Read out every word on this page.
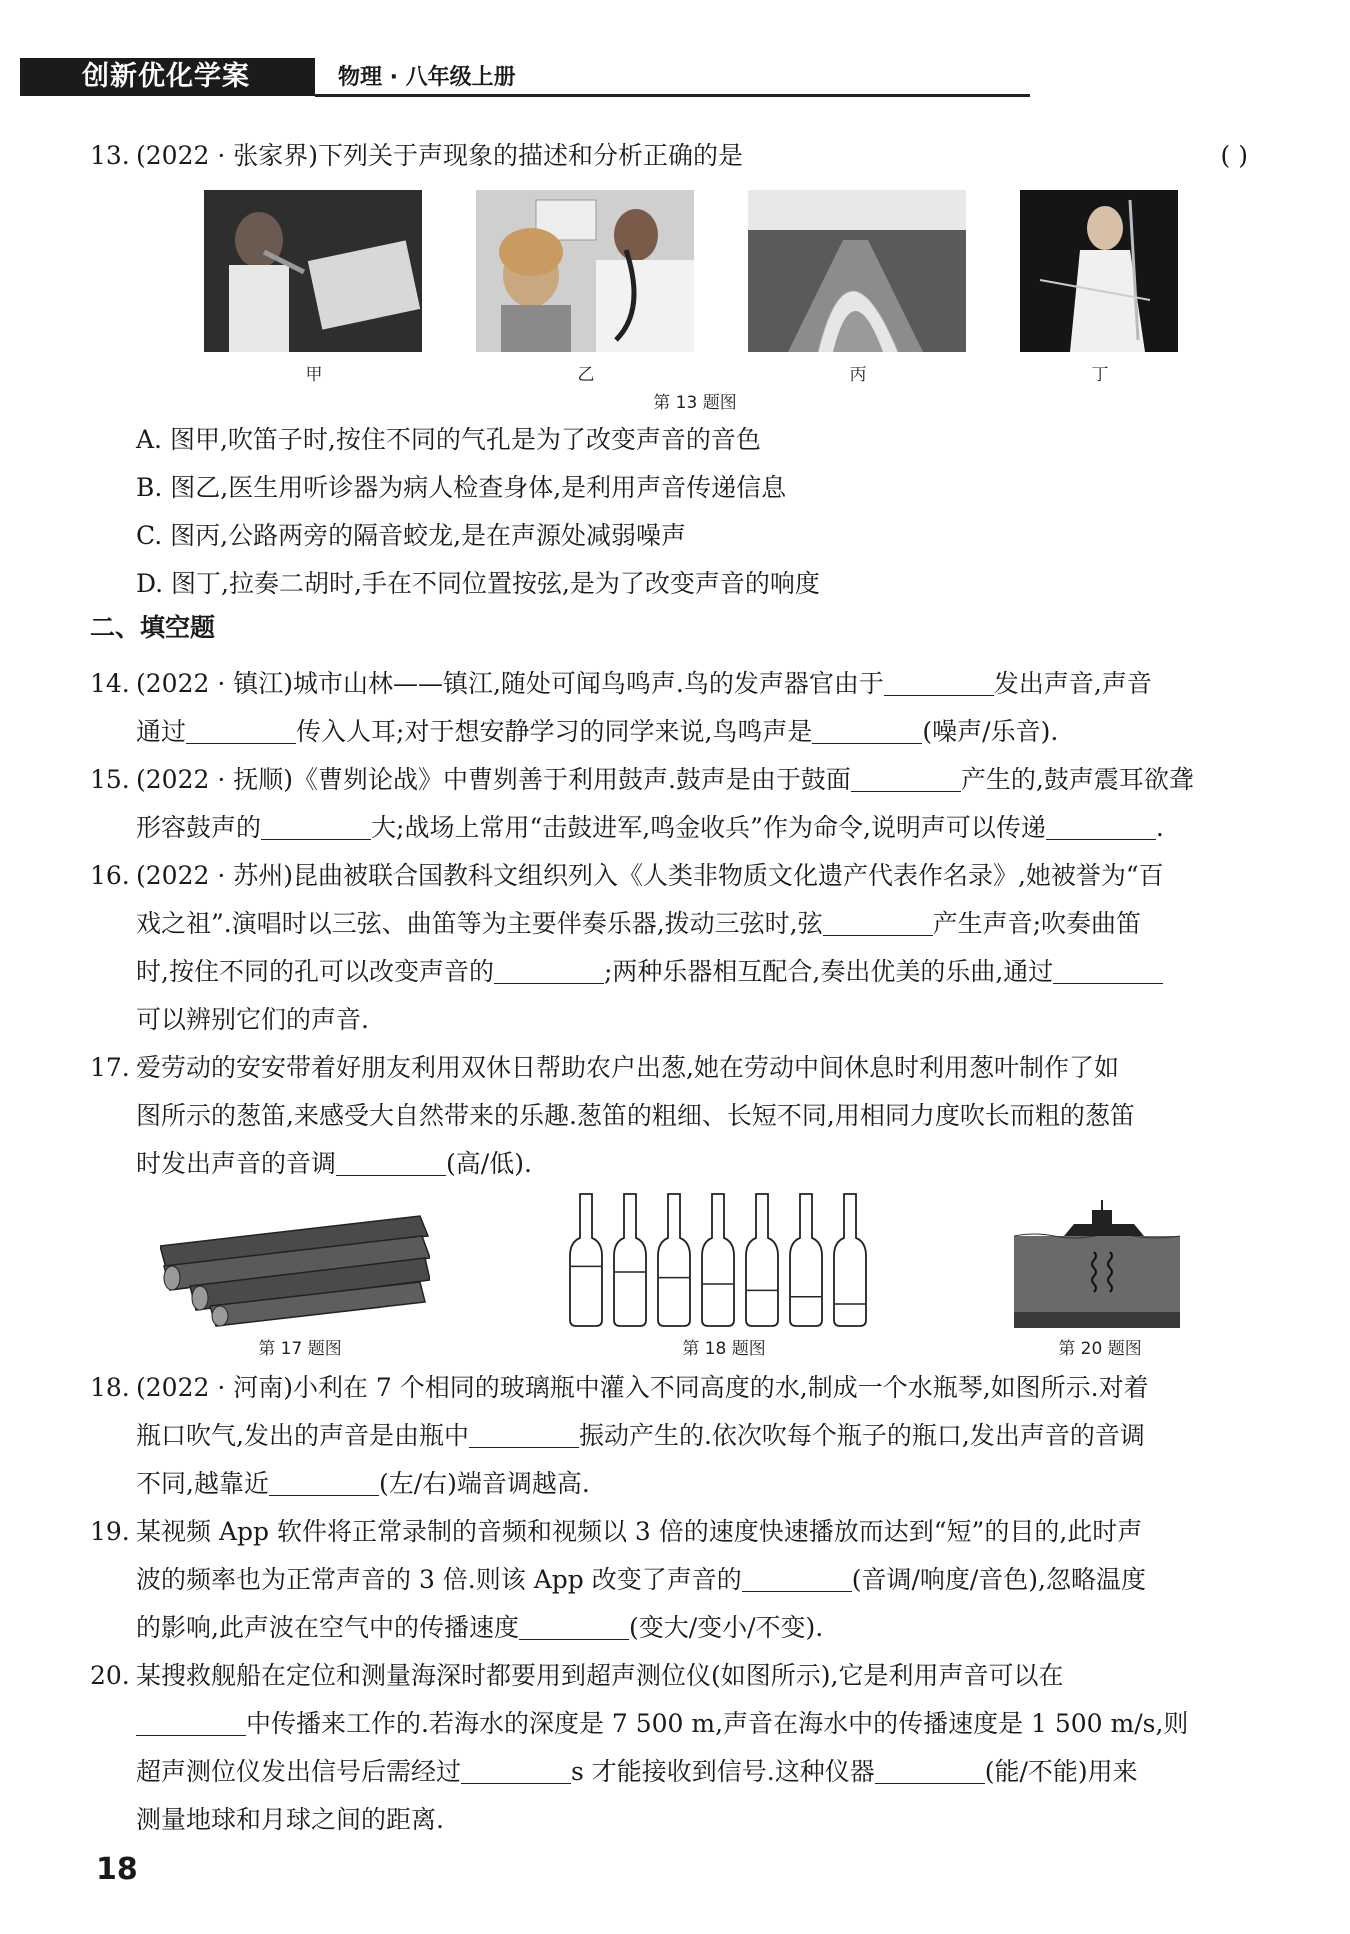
创新优化学案	物理 · 八年级上册
13. (2022 · 张家界)下列关于声现象的描述和分析正确的是	( )
甲	乙	丙	丁
第 13 题图
A. 图甲,吹笛子时,按住不同的气孔是为了改变声音的音色
B. 图乙,医生用听诊器为病人检查身体,是利用声音传递信息
C. 图丙,公路两旁的隔音蛟龙,是在声源处减弱噪声
D. 图丁,拉奏二胡时,手在不同位置按弦,是为了改变声音的响度
二、填空题
14. (2022 · 镇江)城市山林——镇江,随处可闻鸟鸣声.鸟的发声器官由于	发出声音,声音
通过	传入人耳;对于想安静学习的同学来说,鸟鸣声是	(噪声/乐音).
15. (2022 · 抚顺)《曹刿论战》中曹刿善于利用鼓声.鼓声是由于鼓面	产生的,鼓声震耳欲聋
形容鼓声的	大;战场上常用“击鼓进军,鸣金收兵”作为命令,说明声可以传递	.
16. (2022 · 苏州)昆曲被联合国教科文组织列入《人类非物质文化遗产代表作名录》,她被誉为“百
戏之祖”.演唱时以三弦、曲笛等为主要伴奏乐器,拨动三弦时,弦	产生声音;吹奏曲笛
时,按住不同的孔可以改变声音的	;两种乐器相互配合,奏出优美的乐曲,通过
可以辨别它们的声音.
17. 爱劳动的安安带着好朋友利用双休日帮助农户出葱,她在劳动中间休息时利用葱叶制作了如
图所示的葱笛,来感受大自然带来的乐趣.葱笛的粗细、长短不同,用相同力度吹长而粗的葱笛
时发出声音的音调	(高/低).
第 17 题图	第 18 题图	第 20 题图
18. (2022 · 河南)小利在 7 个相同的玻璃瓶中灌入不同高度的水,制成一个水瓶琴,如图所示.对着
瓶口吹气,发出的声音是由瓶中	振动产生的.依次吹每个瓶子的瓶口,发出声音的音调
不同,越靠近	(左/右)端音调越高.
19. 某视频 App 软件将正常录制的音频和视频以 3 倍的速度快速播放而达到“短”的目的,此时声
波的频率也为正常声音的 3 倍.则该 App 改变了声音的	(音调/响度/音色),忽略温度
的影响,此声波在空气中的传播速度	(变大/变小/不变).
20. 某搜救舰船在定位和测量海深时都要用到超声测位仪(如图所示),它是利用声音可以在
中传播来工作的.若海水的深度是 7 500 m,声音在海水中的传播速度是 1 500 m/s,则
超声测位仪发出信号后需经过	s 才能接收到信号.这种仪器	(能/不能)用来
测量地球和月球之间的距离.
18
